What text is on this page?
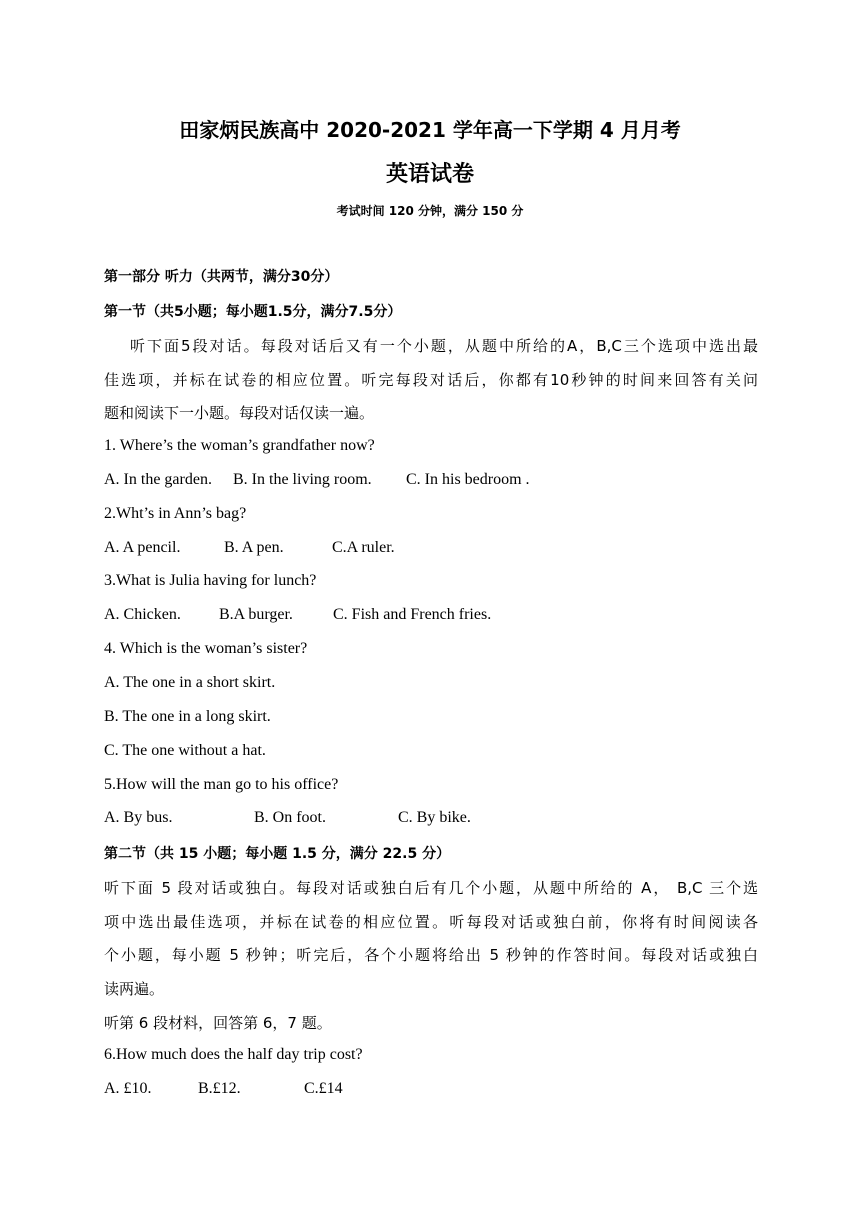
田家炳民族高中 2020-2021 学年高一下学期 4 月月考
英语试卷
考试时间 120 分钟，满分 150 分
第一部分 听力（共两节，满分30分）
第一节（共5小题；每小题1.5分，满分7.5分）
听下面5段对话。每段对话后又有一个小题，从题中所给的A，B,C三个选项中选出最
佳选项，并标在试卷的相应位置。听完每段对话后，你都有10秒钟的时间来回答有关问
题和阅读下一小题。每段对话仅读一遍。
1. Where’s the woman’s grandfather now?
A. In the garden. B. In the living room. C. In his bedroom .
2.Wht’s in Ann’s bag?
A. A pencil.	B. A pen.	C.A ruler.
3.What is Julia having for lunch?
A. Chicken. B.A burger.	C. Fish and French fries.
4. Which is the woman’s sister?
A. The one in a short skirt.
B. The one in a long skirt.
C. The one without a hat.
5.How will the man go to his office?
A. By bus.	B. On foot.	C. By bike.
第二节（共 15 小题；每小题 1.5 分，满分 22.5 分）
听下面 5 段对话或独白。每段对话或独白后有几个小题，从题中所给的 A， B,C 三个选
项中选出最佳选项，并标在试卷的相应位置。听每段对话或独白前，你将有时间阅读各
个小题，每小题 5 秒钟；听完后，各个小题将给出 5 秒钟的作答时间。每段对话或独白
读两遍。
听第 6 段材料，回答第 6，7 题。
6.How much does the half day trip cost?
A. £10.	B.£12.	C.£14
